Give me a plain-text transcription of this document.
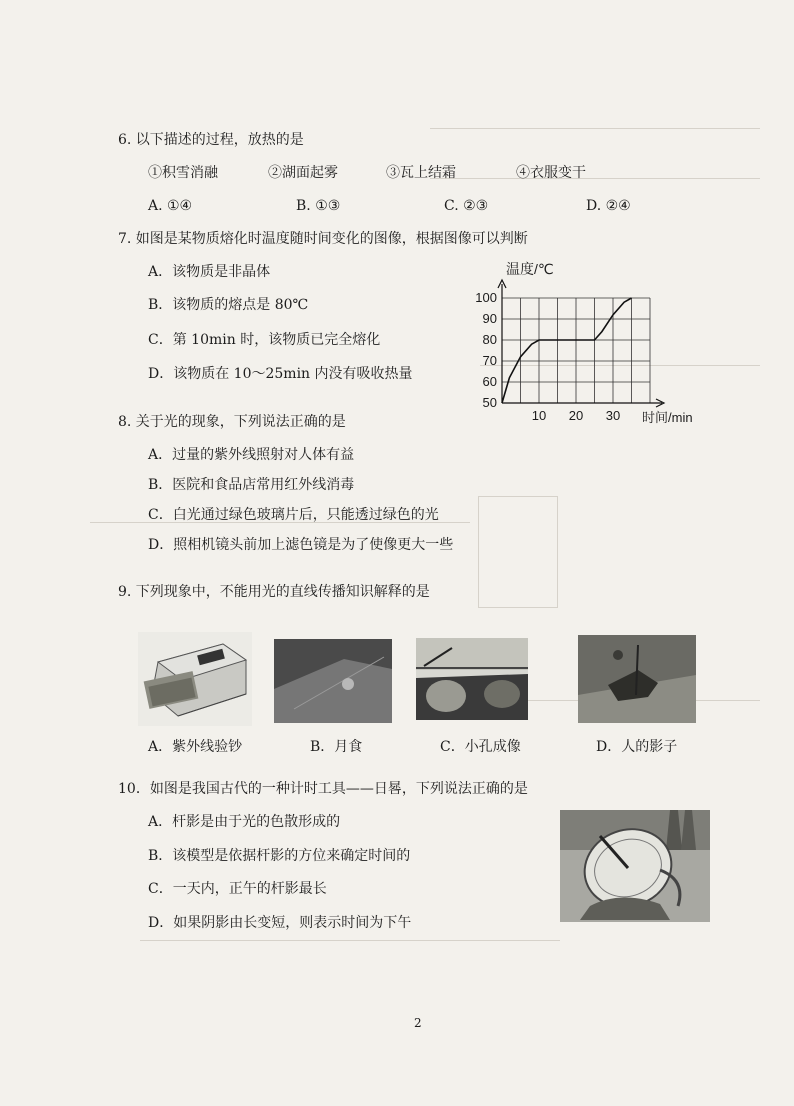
6. 以下描述的过程，放热的是
①积雪消融	②湖面起雾	③瓦上结霜	④衣服变干
A. ①④	B. ①③	C. ②③	D. ②④
7. 如图是某物质熔化时温度随时间变化的图像，根据图像可以判断
A．该物质是非晶体
B．该物质的熔点是 80℃
C．第 10min 时，该物质已完全熔化
D．该物质在 10～25min 内没有吸收热量
温度/℃
时间/min
50
60
70
80
90
100
10 20 30
8. 关于光的现象，下列说法正确的是
A．过量的紫外线照射对人体有益
B．医院和食品店常用红外线消毒
C．白光通过绿色玻璃片后，只能透过绿色的光
D．照相机镜头前加上滤色镜是为了使像更大一些
9. 下列现象中，不能用光的直线传播知识解释的是
A．紫外线验钞	B．月食	C．小孔成像	D．人的影子
10．如图是我国古代的一种计时工具——日晷，下列说法正确的是
A．杆影是由于光的色散形成的
B．该模型是依据杆影的方位来确定时间的
C．一天内，正午的杆影最长
D．如果阴影由长变短，则表示时间为下午
2
